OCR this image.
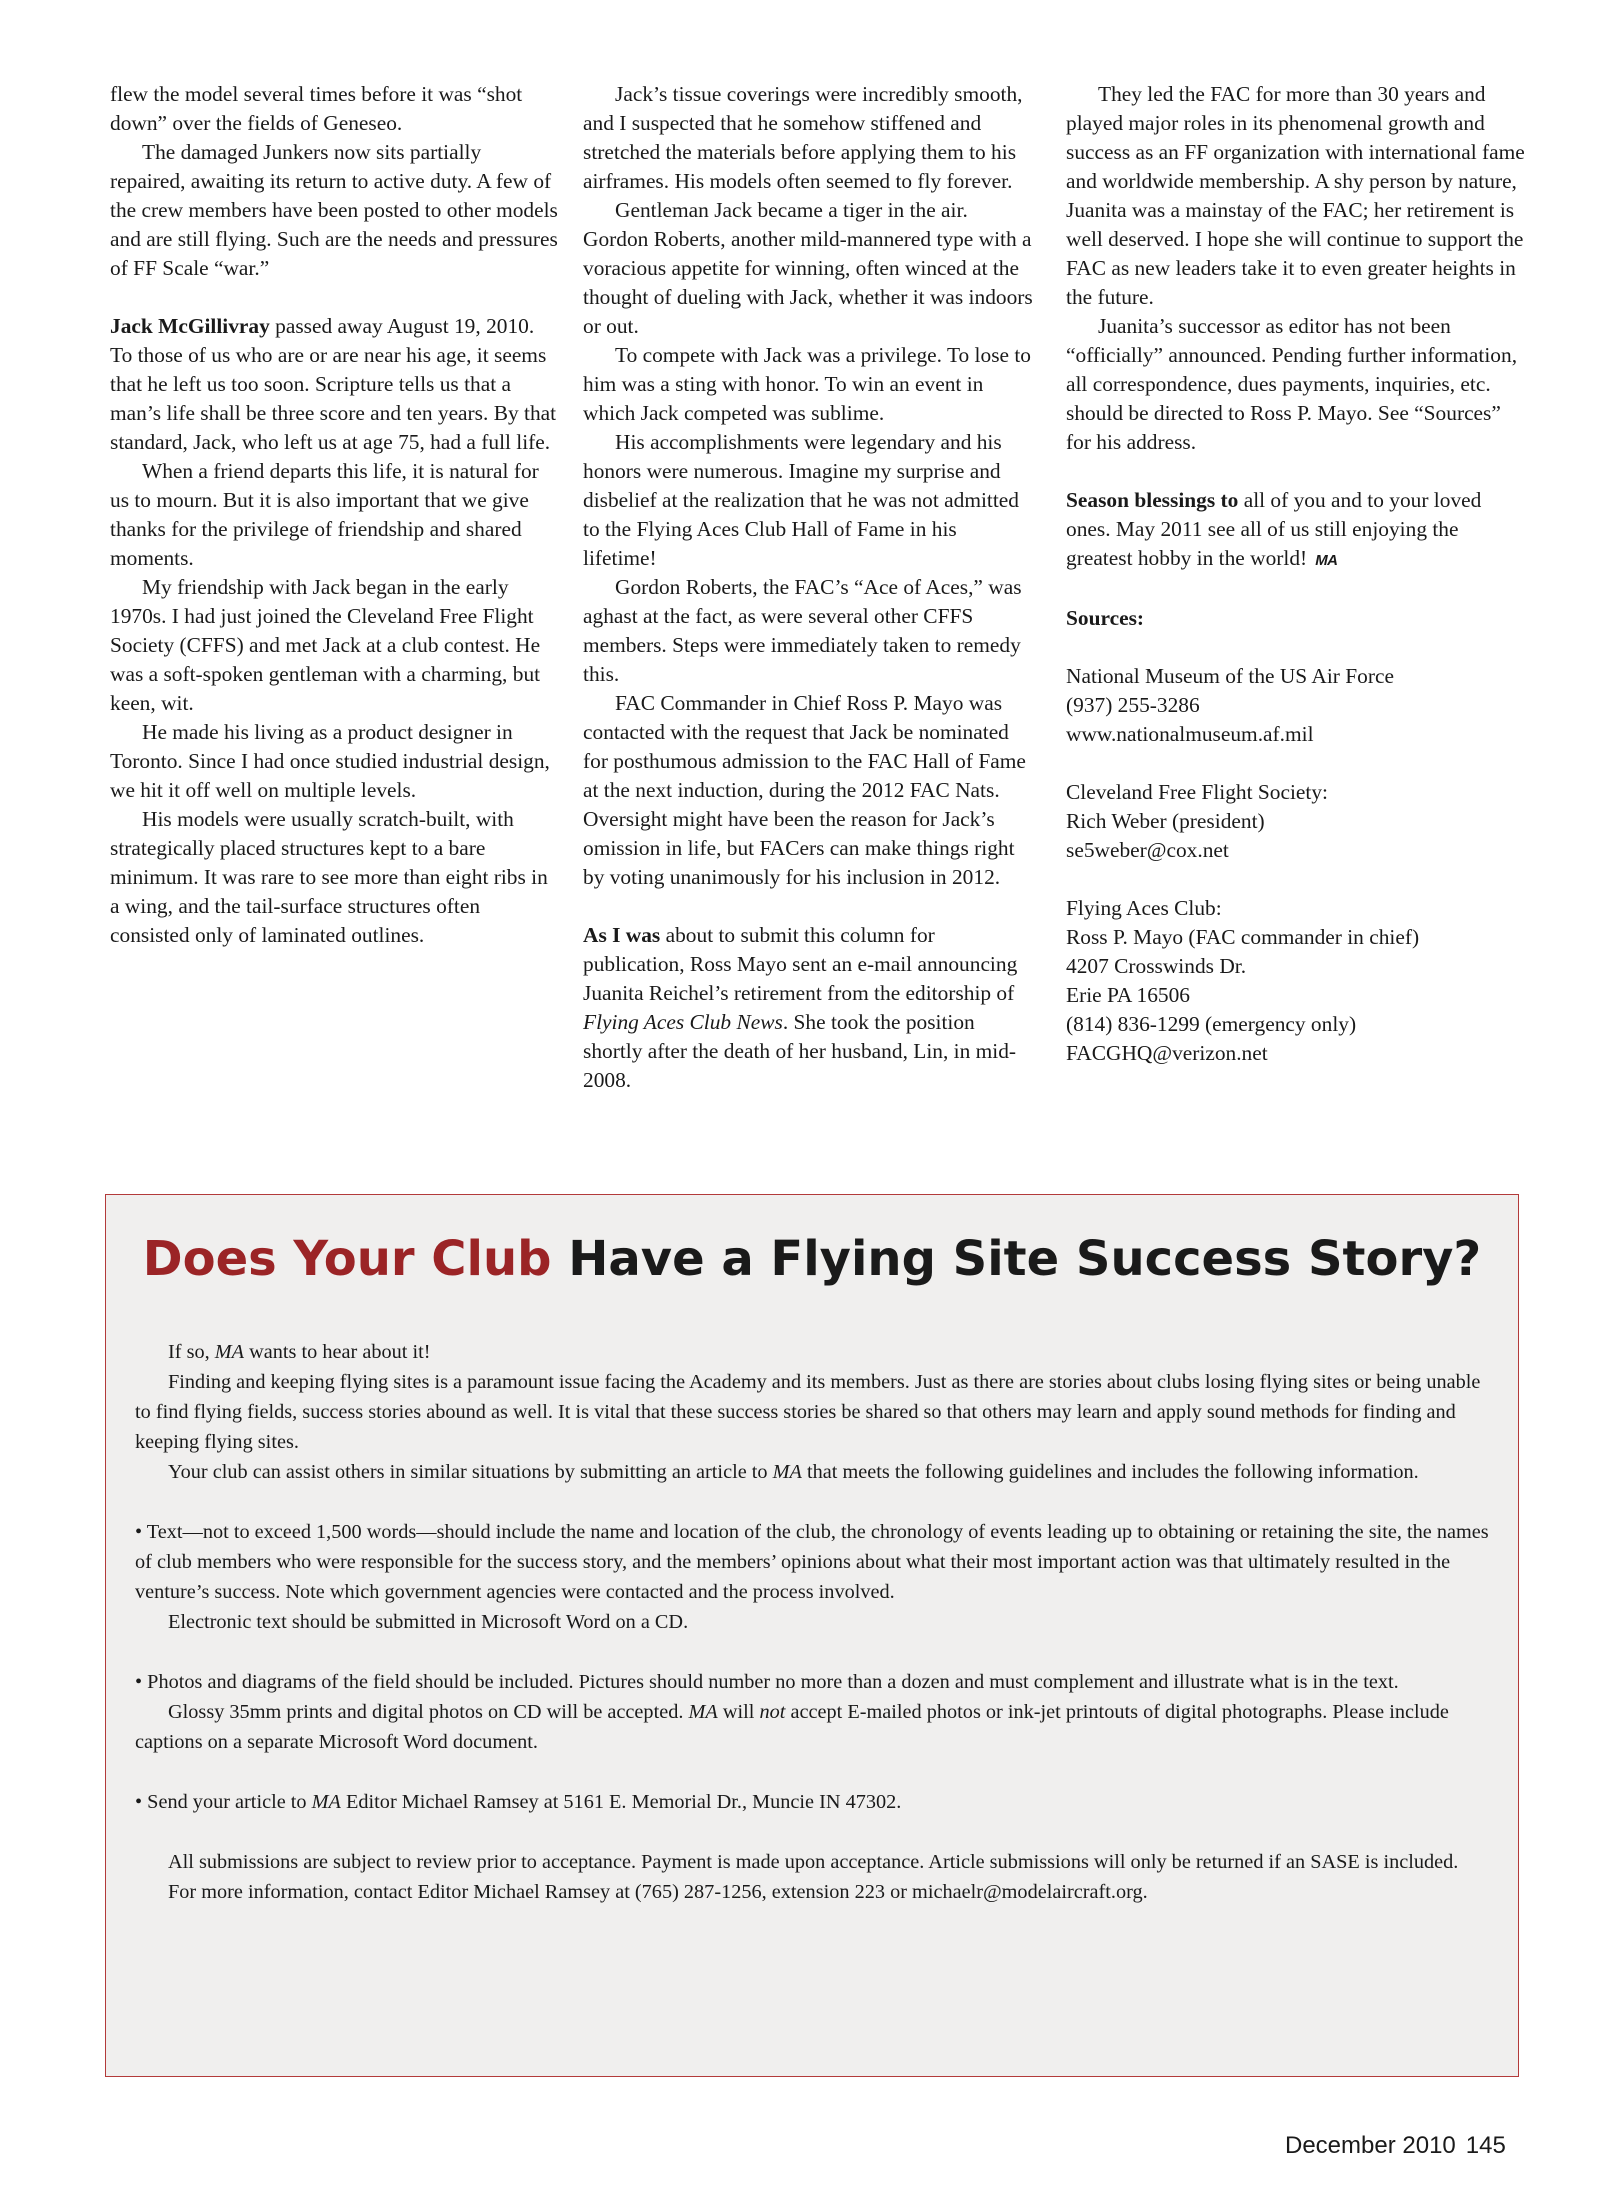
flew the model several times before it was “shot down” over the fields of Geneseo.

The damaged Junkers now sits partially repaired, awaiting its return to active duty. A few of the crew members have been posted to other models and are still flying. Such are the needs and pressures of FF Scale “war.”

Jack McGillivray passed away August 19, 2010. To those of us who are or are near his age, it seems that he left us too soon. Scripture tells us that a man’s life shall be three score and ten years. By that standard, Jack, who left us at age 75, had a full life.

When a friend departs this life, it is natural for us to mourn. But it is also important that we give thanks for the privilege of friendship and shared moments.

My friendship with Jack began in the early 1970s. I had just joined the Cleveland Free Flight Society (CFFS) and met Jack at a club contest. He was a soft-spoken gentleman with a charming, but keen, wit.

He made his living as a product designer in Toronto. Since I had once studied industrial design, we hit it off well on multiple levels.

His models were usually scratch-built, with strategically placed structures kept to a bare minimum. It was rare to see more than eight ribs in a wing, and the tail-surface structures often consisted only of laminated outlines.

Jack’s tissue coverings were incredibly smooth, and I suspected that he somehow stiffened and stretched the materials before applying them to his airframes. His models often seemed to fly forever.

Gentleman Jack became a tiger in the air. Gordon Roberts, another mild-mannered type with a voracious appetite for winning, often winced at the thought of dueling with Jack, whether it was indoors or out.

To compete with Jack was a privilege. To lose to him was a sting with honor. To win an event in which Jack competed was sublime.

His accomplishments were legendary and his honors were numerous. Imagine my surprise and disbelief at the realization that he was not admitted to the Flying Aces Club Hall of Fame in his lifetime!

Gordon Roberts, the FAC’s “Ace of Aces,” was aghast at the fact, as were several other CFFS members. Steps were immediately taken to remedy this.

FAC Commander in Chief Ross P. Mayo was contacted with the request that Jack be nominated for posthumous admission to the FAC Hall of Fame at the next induction, during the 2012 FAC Nats. Oversight might have been the reason for Jack’s omission in life, but FACers can make things right by voting unanimously for his inclusion in 2012.

As I was about to submit this column for publication, Ross Mayo sent an e-mail announcing Juanita Reichel’s retirement from the editorship of Flying Aces Club News. She took the position shortly after the death of her husband, Lin, in mid-2008.

They led the FAC for more than 30 years and played major roles in its phenomenal growth and success as an FF organization with international fame and worldwide membership. A shy person by nature, Juanita was a mainstay of the FAC; her retirement is well deserved. I hope she will continue to support the FAC as new leaders take it to even greater heights in the future.

Juanita’s successor as editor has not been “officially” announced. Pending further information, all correspondence, dues payments, inquiries, etc. should be directed to Ross P. Mayo. See “Sources” for his address.

Season blessings to all of you and to your loved ones. May 2011 see all of us still enjoying the greatest hobby in the world! MA

Sources:

National Museum of the US Air Force

(937) 255-3286

www.nationalmuseum.af.mil

Cleveland Free Flight Society:

Rich Weber (president)

se5weber@cox.net

Flying Aces Club:

Ross P. Mayo (FAC commander in chief)

4207 Crosswinds Dr.

Erie PA 16506

(814) 836-1299 (emergency only)

FACGHQ@verizon.net

Does Your Club Have a Flying Site Success Story?

If so, MA wants to hear about it!

Finding and keeping flying sites is a paramount issue facing the Academy and its members. Just as there are stories about clubs losing flying sites or being unable to find flying fields, success stories abound as well. It is vital that these success stories be shared so that others may learn and apply sound methods for finding and keeping flying sites.

Your club can assist others in similar situations by submitting an article to MA that meets the following guidelines and includes the following information.

• Text—not to exceed 1,500 words—should include the name and location of the club, the chronology of events leading up to obtaining or retaining the site, the names of club members who were responsible for the success story, and the members’ opinions about what their most important action was that ultimately resulted in the venture’s success. Note which government agencies were contacted and the process involved.

Electronic text should be submitted in Microsoft Word on a CD.

• Photos and diagrams of the field should be included. Pictures should number no more than a dozen and must complement and illustrate what is in the text.

Glossy 35mm prints and digital photos on CD will be accepted. MA will not accept E-mailed photos or ink-jet printouts of digital photographs. Please include captions on a separate Microsoft Word document.

• Send your article to MA Editor Michael Ramsey at 5161 E. Memorial Dr., Muncie IN 47302.

All submissions are subject to review prior to acceptance. Payment is made upon acceptance. Article submissions will only be returned if an SASE is included.

For more information, contact Editor Michael Ramsey at (765) 287-1256, extension 223 or michaelr@modelaircraft.org.

December 2010 145
